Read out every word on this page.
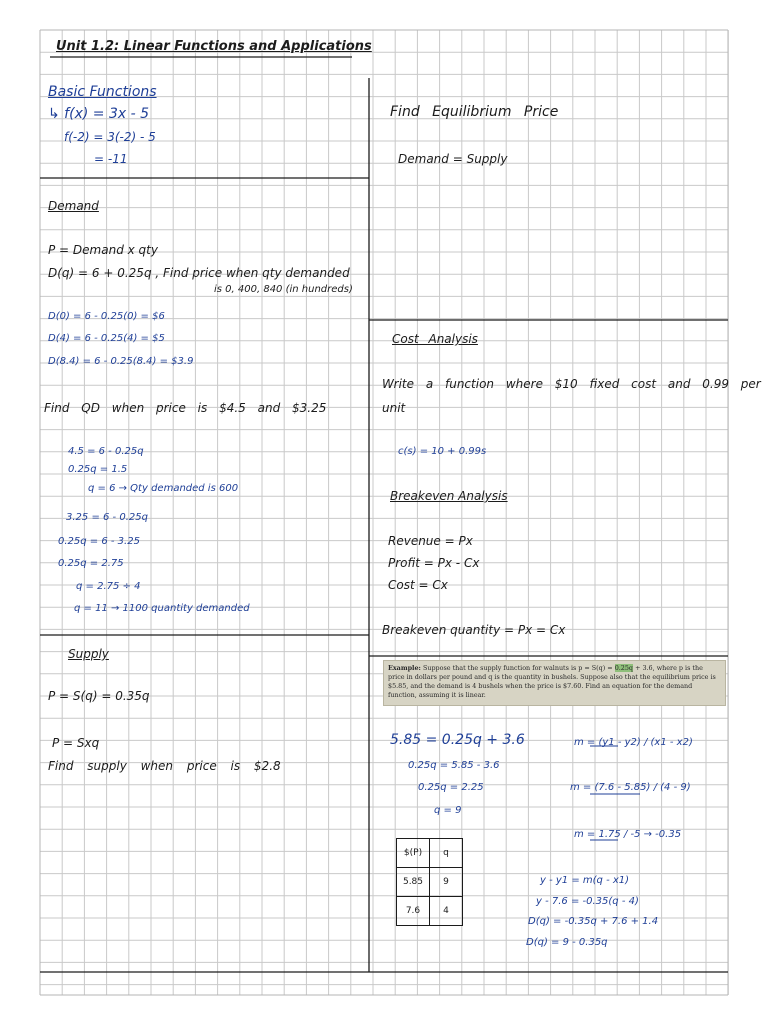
Unit 1.2: Linear Functions and Applications
Basic Functions
↳ f(x) = 3x - 5
f(-2) = 3(-2) - 5
= -11
Demand
P = Demand x qty
D(q) = 6 + 0.25q , Find price when qty demanded
is 0, 400, 840 (in hundreds)
D(0) = 6 - 0.25(0) = $6
D(4) = 6 - 0.25(4) = $5
D(8.4) = 6 - 0.25(8.4) = $3.9
Find QD when price is $4.5 and $3.25
4.5 = 6 - 0.25q
0.25q = 1.5
q = 6 → Qty demanded is 600
3.25 = 6 - 0.25q
0.25q = 6 - 3.25
0.25q = 2.75
q = 2.75 ÷ 4
q = 11 → 1100 quantity demanded
Supply
P = S(q) = 0.35q
P = Sxq
Find supply when price is $2.8
Find Equilibrium Price
Demand = Supply
Cost Analysis
Write a function where $10 fixed cost and 0.99 per
unit
c(s) = 10 + 0.99s
Breakeven Analysis
Revenue = Px
Profit = Px - Cx
Cost = Cx
Breakeven quantity = Px = Cx
Example: Suppose that the supply function for walnuts is p = S(q) = 0.25q + 3.6, where p is the price in dollars per pound and q is the quantity in bushels. Suppose also that the equilibrium price is $5.85, and the demand is 4 bushels when the price is $7.60. Find an equation for the demand function, assuming it is linear.
5.85 = 0.25q + 3.6
0.25q = 5.85 - 3.6
0.25q = 2.25
q = 9
m = (y1 - y2) / (x1 - x2)
m = (7.6 - 5.85) / (4 - 9)
m = 1.75 / -5 → -0.35
y - y1 = m(q - x1)
y - 7.6 = -0.35(q - 4)
D(q) = -0.35q + 7.6 + 1.4
D(q) = 9 - 0.35q
$(P)	q
5.85	9
7.6	4
